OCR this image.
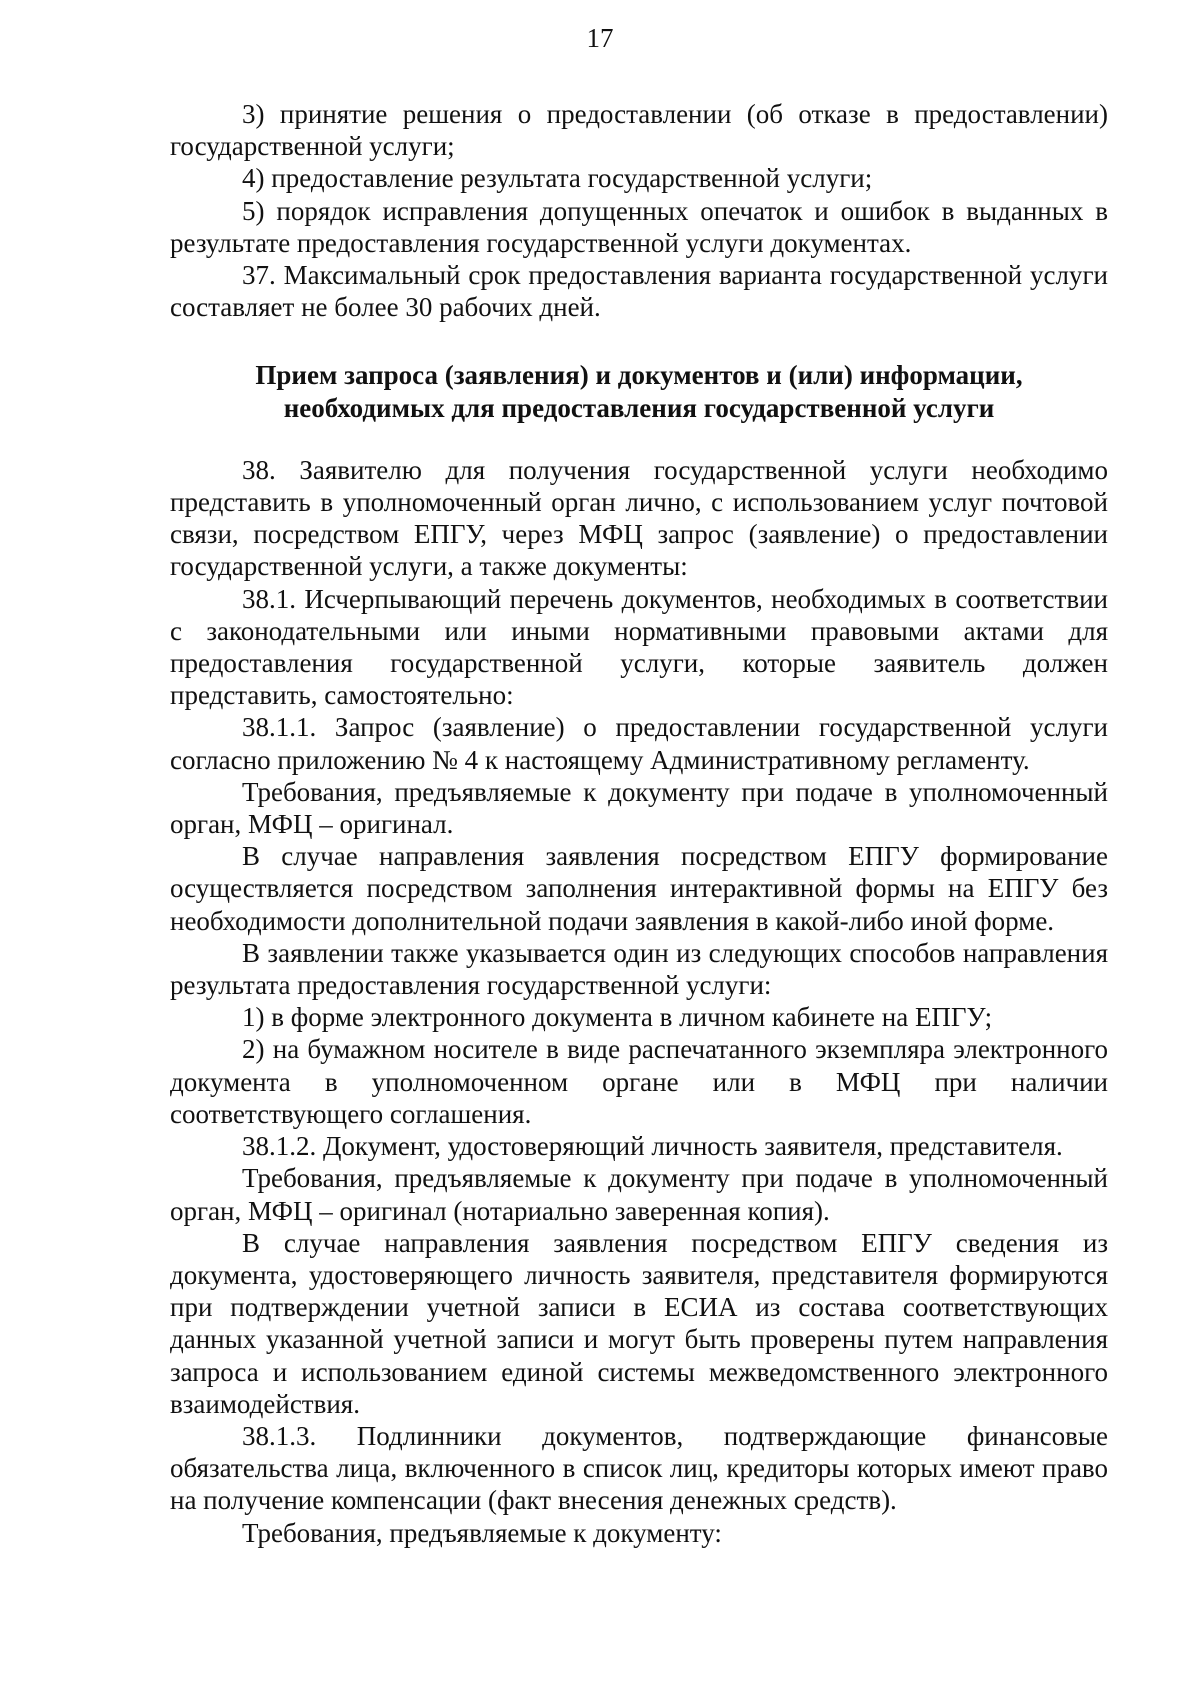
17

3) принятие решения о предоставлении (об отказе в предоставлении) государственной услуги;

4) предоставление результата государственной услуги;

5) порядок исправления допущенных опечаток и ошибок в выданных в результате предоставления государственной услуги документах.

37. Максимальный срок предоставления варианта государственной услуги составляет не более 30 рабочих дней.

Прием запроса (заявления) и документов и (или) информации, необходимых для предоставления государственной услуги

38. Заявителю для получения государственной услуги необходимо представить в уполномоченный орган лично, с использованием услуг почтовой связи, посредством ЕПГУ, через МФЦ запрос (заявление) о предоставлении государственной услуги, а также документы:

38.1. Исчерпывающий перечень документов, необходимых в соответствии с законодательными или иными нормативными правовыми актами для предоставления государственной услуги, которые заявитель должен представить, самостоятельно:

38.1.1. Запрос (заявление) о предоставлении государственной услуги согласно приложению № 4 к настоящему Административному регламенту.

Требования, предъявляемые к документу при подаче в уполномоченный орган, МФЦ – оригинал.

В случае направления заявления посредством ЕПГУ формирование осуществляется посредством заполнения интерактивной формы на ЕПГУ без необходимости дополнительной подачи заявления в какой-либо иной форме.

В заявлении также указывается один из следующих способов направления результата предоставления государственной услуги:

1) в форме электронного документа в личном кабинете на ЕПГУ;

2) на бумажном носителе в виде распечатанного экземпляра электронного документа в уполномоченном органе или в МФЦ при наличии соответствующего соглашения.

38.1.2. Документ, удостоверяющий личность заявителя, представителя.

Требования, предъявляемые к документу при подаче в уполномоченный орган, МФЦ – оригинал (нотариально заверенная копия).

В случае направления заявления посредством ЕПГУ сведения из документа, удостоверяющего личность заявителя, представителя формируются при подтверждении учетной записи в ЕСИА из состава соответствующих данных указанной учетной записи и могут быть проверены путем направления запроса и использованием единой системы межведомственного электронного взаимодействия.

38.1.3. Подлинники документов, подтверждающие финансовые обязательства лица, включенного в список лиц, кредиторы которых имеют право на получение компенсации (факт внесения денежных средств).

Требования, предъявляемые к документу:
